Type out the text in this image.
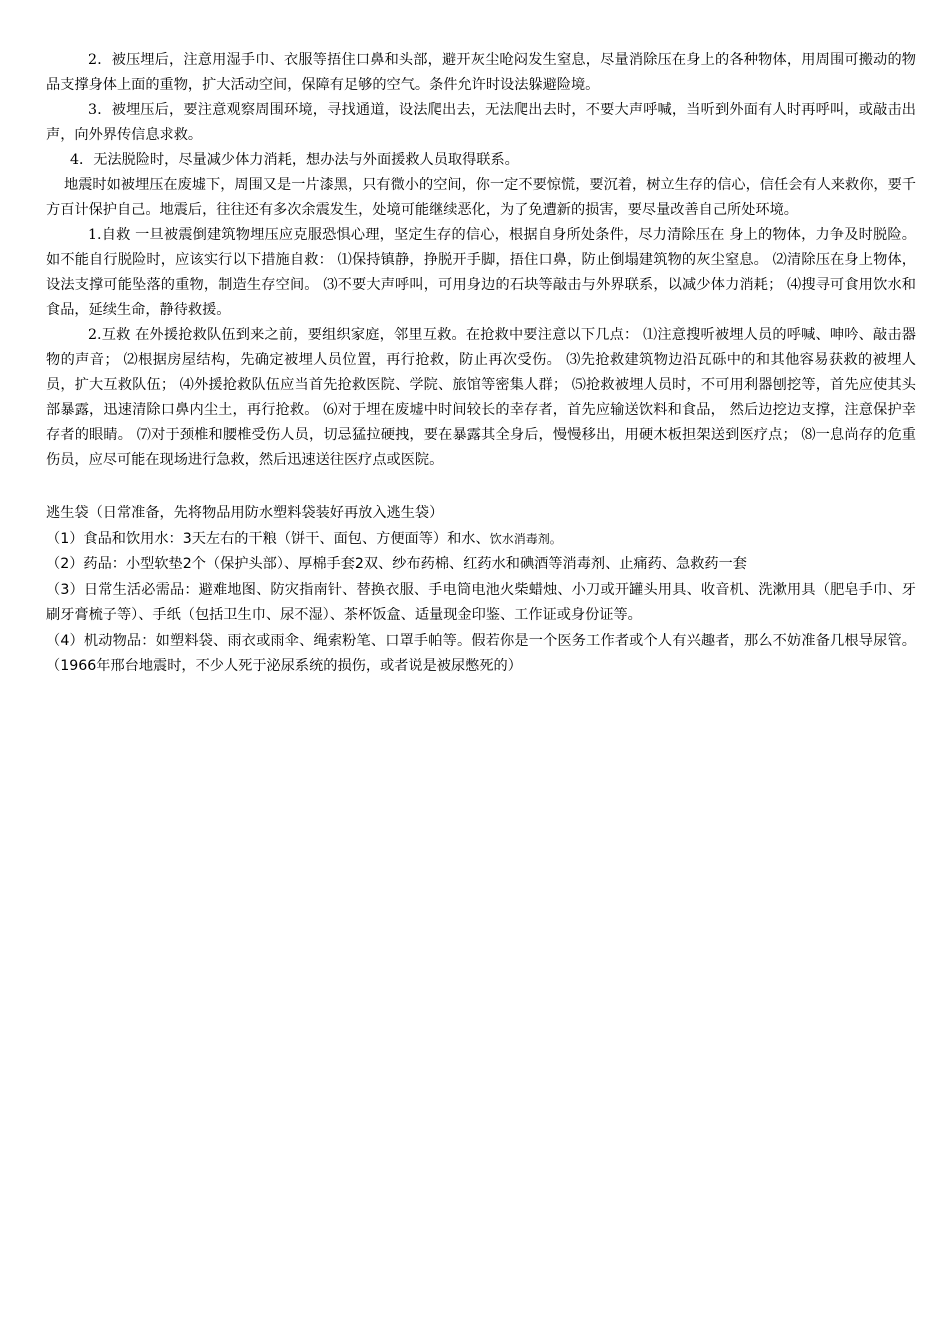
2．被压埋后，注意用湿手巾、衣服等捂住口鼻和头部，避开灰尘呛闷发生窒息，尽量消除压在身上的各种物体，用周围可搬动的物品支撑身体上面的重物，扩大活动空间，保障有足够的空气。条件允许时设法躲避险境。

3．被埋压后，要注意观察周围环境，寻找通道，设法爬出去，无法爬出去时，不要大声呼喊，当听到外面有人时再呼叫，或敲击出声，向外界传信息求救。

4．无法脱险时，尽量减少体力消耗，想办法与外面援救人员取得联系。

地震时如被埋压在废墟下，周围又是一片漆黑，只有微小的空间，你一定不要惊慌，要沉着，树立生存的信心，信任会有人来救你，要千方百计保护自己。地震后，往往还有多次余震发生，处境可能继续恶化，为了免遭新的损害，要尽量改善自己所处环境。

1.自救 一旦被震倒建筑物埋压应克服恐惧心理，坚定生存的信心，根据自身所处条件，尽力清除压在 身上的物体，力争及时脱险。如不能自行脱险时，应该实行以下措施自救： ⑴保持镇静，挣脱开手脚，捂住口鼻，防止倒塌建筑物的灰尘窒息。 ⑵清除压在身上物体，设法支撑可能坠落的重物，制造生存空间。 ⑶不要大声呼叫，可用身边的石块等敲击与外界联系，以减少体力消耗； ⑷搜寻可食用饮水和食品，延续生命，静待救援。

2.互救 在外援抢救队伍到来之前，要组织家庭，邻里互救。在抢救中要注意以下几点： ⑴注意搜听被埋人员的呼喊、呻吟、敲击器物的声音； ⑵根据房屋结构，先确定被埋人员位置，再行抢救，防止再次受伤。 ⑶先抢救建筑物边沿瓦砾中的和其他容易获救的被埋人员，扩大互救队伍； ⑷外援抢救队伍应当首先抢救医院、学院、旅馆等密集人群； ⑸抢救被埋人员时，不可用利器刨挖等，首先应使其头部暴露，迅速清除口鼻内尘土，再行抢救。 ⑹对于埋在废墟中时间较长的幸存者，首先应输送饮料和食品， 然后边挖边支撑，注意保护幸存者的眼睛。 ⑺对于颈椎和腰椎受伤人员，切忌猛拉硬拽，要在暴露其全身后，慢慢移出，用硬木板担架送到医疗点； ⑻一息尚存的危重伤员，应尽可能在现场进行急救，然后迅速送往医疗点或医院。

逃生袋（日常准备，先将物品用防水塑料袋装好再放入逃生袋）

（1）食品和饮用水：3天左右的干粮（饼干、面包、方便面等）和水、饮水消毒剂。

（2）药品：小型软垫2个（保护头部）、厚棉手套2双、纱布药棉、红药水和碘酒等消毒剂、止痛药、急救药一套

（3）日常生活必需品：避难地图、防灾指南针、替换衣服、手电筒电池火柴蜡烛、小刀或开罐头用具、收音机、洗漱用具（肥皂手巾、牙刷牙膏梳子等）、手纸（包括卫生巾、尿不湿）、茶杯饭盒、适量现金印鉴、工作证或身份证等。

（4）机动物品：如塑料袋、雨衣或雨伞、绳索粉笔、口罩手帕等。假若你是一个医务工作者或个人有兴趣者，那么不妨准备几根导尿管。（1966年邢台地震时，不少人死于泌尿系统的损伤，或者说是被尿憋死的）
